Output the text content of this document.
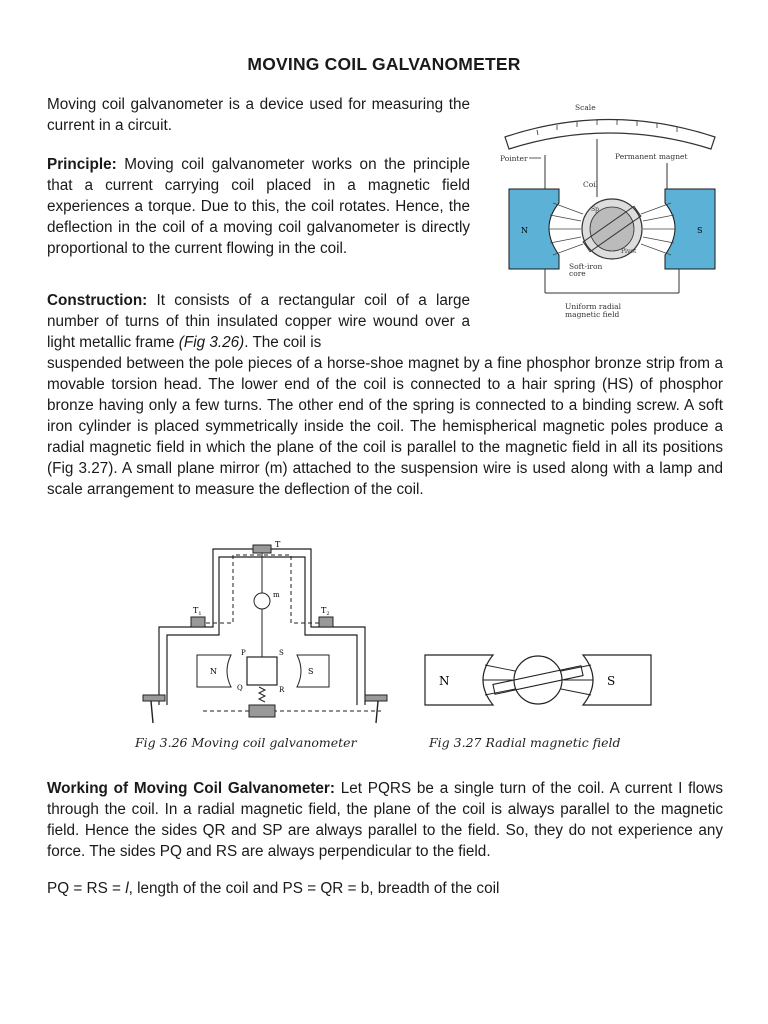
MOVING COIL GALVANOMETER

Moving coil galvanometer is a device used for measuring the current in a circuit.

Principle: Moving coil galvanometer works on the principle that a current carrying coil placed in a magnetic field experiences a torque. Due to this, the coil rotates. Hence, the deflection in the coil of a moving coil galvanometer is directly proportional to the current flowing in the coil.

Construction: It consists of a rectangular coil of a large number of turns of thin insulated copper wire wound over a light metallic frame (Fig 3.26). The coil is

suspended between the pole pieces of a horse-shoe magnet by a fine phosphor bronze strip from a movable torsion head. The lower end of the coil is connected to a hair spring (HS) of phosphor bronze having only a few turns. The other end of the spring is connected to a binding screw. A soft iron cylinder is placed symmetrically inside the coil. The hemispherical magnetic poles produce a radial magnetic field in which the plane of the coil is parallel to the magnetic field in all its positions (Fig 3.27). A small plane mirror (m) attached to the suspension wire is used along with a lamp and scale arrangement to measure the deflection of the coil.

Scale
Pointer	Permanent magnet
N	S
Coil
Sp
Pivot
Soft-iron
core
Uniform radial
magnetic field
T
m
$T_1$	$T_2$
N	S
P	S
Q	R
Fig 3.26 Moving coil galvanometer
N	S
Fig 3.27 Radial magnetic field

Working of Moving Coil Galvanometer: Let PQRS be a single turn of the coil. A current I flows through the coil. In a radial magnetic field, the plane of the coil is always parallel to the magnetic field. Hence the sides QR and SP are always parallel to the field. So, they do not experience any force. The sides PQ and RS are always perpendicular to the field.

PQ = RS = l, length of the coil and PS = QR = b, breadth of the coil
